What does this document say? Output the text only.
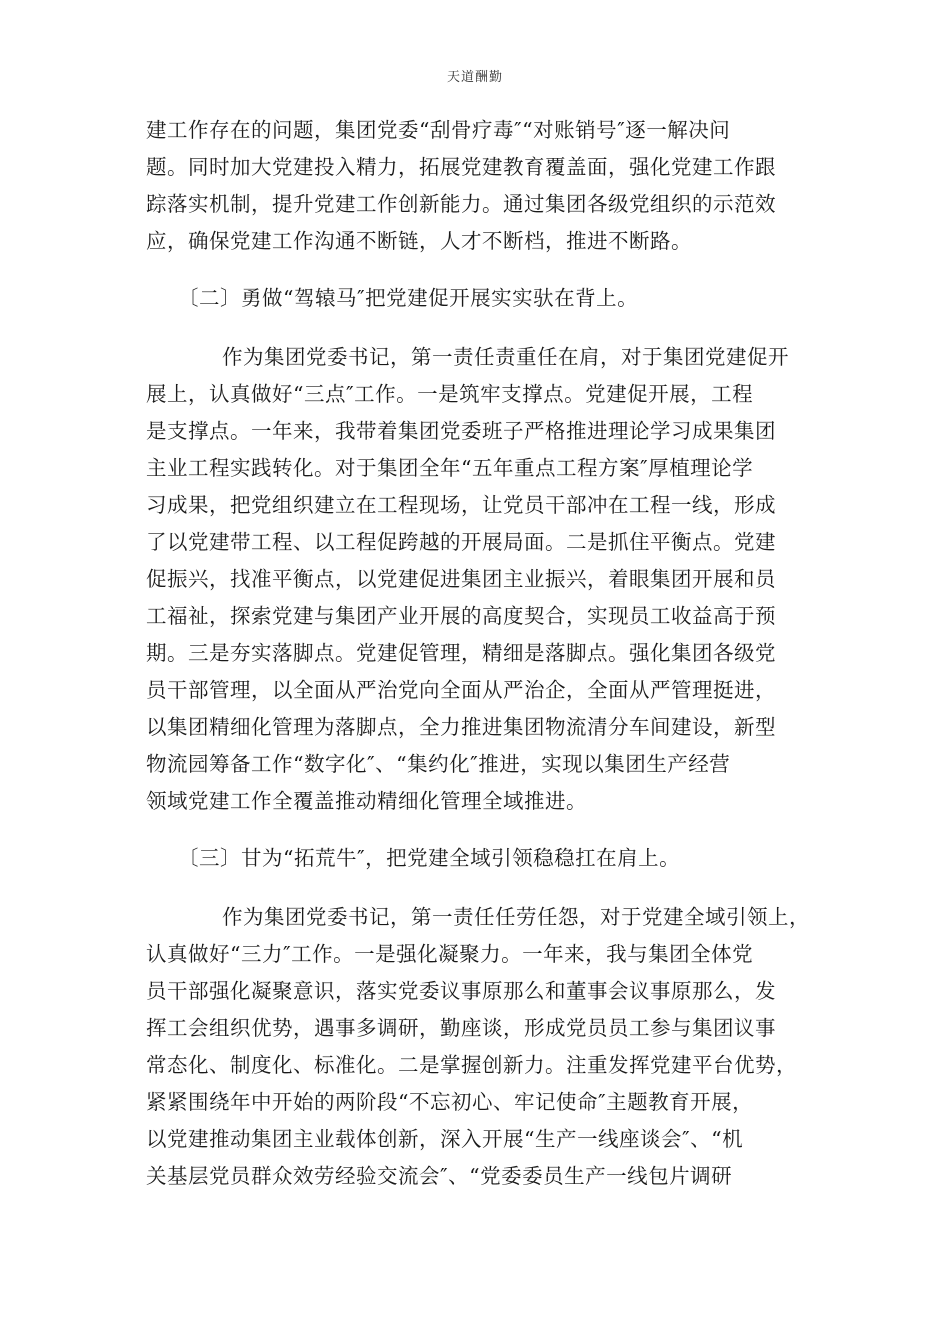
天道酬勤
建工作存在的问题，集团党委“刮骨疗毒″“对账销号″逐一解决问
题。同时加大党建投入精力，拓展党建教育覆盖面，强化党建工作跟
踪落实机制，提升党建工作创新能力。通过集团各级党组织的示范效
应，确保党建工作沟通不断链，人才不断档，推进不断路。
〔二〕勇做“驾辕马″把党建促开展实实驮在背上。
作为集团党委书记，第一责任责重任在肩，对于集团党建促开
展上，认真做好“三点″工作。一是筑牢支撑点。党建促开展，工程
是支撑点。一年来，我带着集团党委班子严格推进理论学习成果集团
主业工程实践转化。对于集团全年“五年重点工程方案″厚植理论学
习成果，把党组织建立在工程现场，让党员干部冲在工程一线，形成
了以党建带工程、以工程促跨越的开展局面。二是抓住平衡点。党建
促振兴，找准平衡点，以党建促进集团主业振兴，着眼集团开展和员
工福祉，探索党建与集团产业开展的高度契合，实现员工收益高于预
期。三是夯实落脚点。党建促管理，精细是落脚点。强化集团各级党
员干部管理，以全面从严治党向全面从严治企，全面从严管理挺进，
以集团精细化管理为落脚点，全力推进集团物流清分车间建设，新型
物流园筹备工作“数字化″、“集约化″推进，实现以集团生产经营
领域党建工作全覆盖推动精细化管理全域推进。
〔三〕甘为“拓荒牛″，把党建全域引领稳稳扛在肩上。
作为集团党委书记，第一责任任劳任怨，对于党建全域引领上，
认真做好“三力″工作。一是强化凝聚力。一年来，我与集团全体党
员干部强化凝聚意识，落实党委议事原那么和董事会议事原那么，发
挥工会组织优势，遇事多调研，勤座谈，形成党员员工参与集团议事
常态化、制度化、标准化。二是掌握创新力。注重发挥党建平台优势，
紧紧围绕年中开始的两阶段“不忘初心、牢记使命″主题教育开展，
以党建推动集团主业载体创新，深入开展“生产一线座谈会″、“机
关基层党员群众效劳经验交流会″、“党委委员生产一线包片调研
